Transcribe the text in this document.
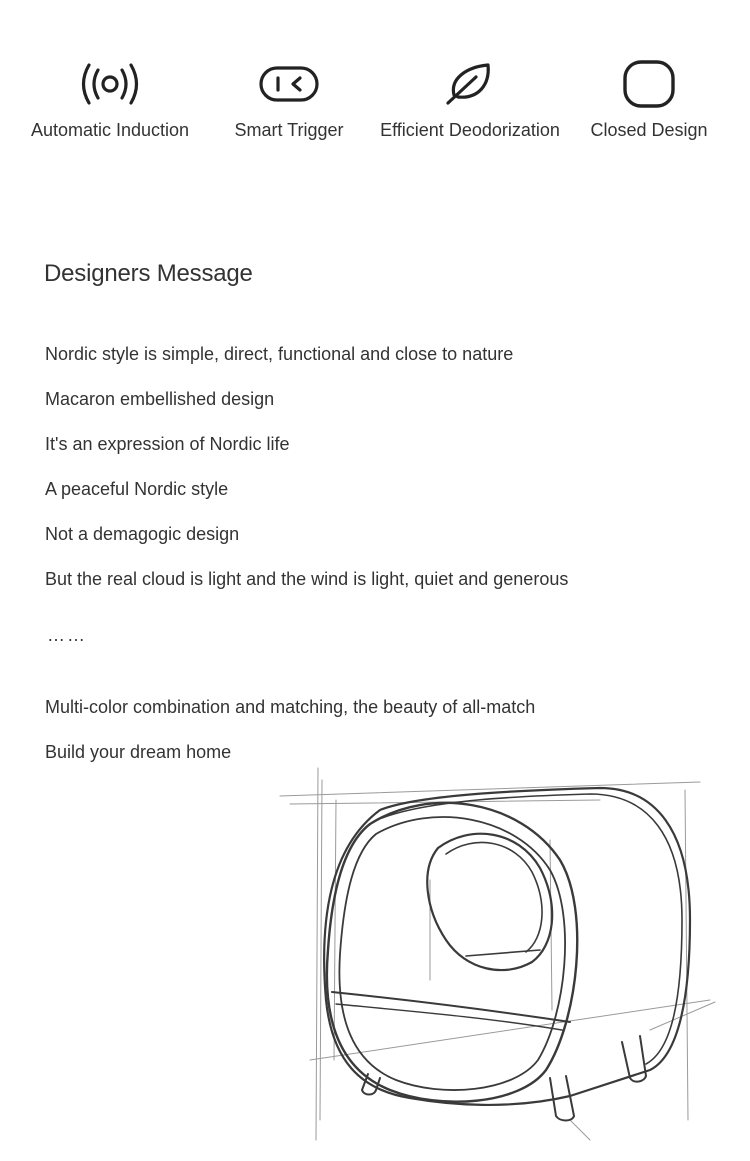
Automatic Induction	Smart Trigger	Efficient Deodorization	Closed Design
Designers Message
Nordic style is simple, direct, functional and close to nature
Macaron embellished design
It's an expression of Nordic life
A peaceful Nordic style
Not a demagogic design
But the real cloud is light and the wind is light, quiet and generous
……
Multi-color combination and matching, the beauty of all-match
Build your dream home
